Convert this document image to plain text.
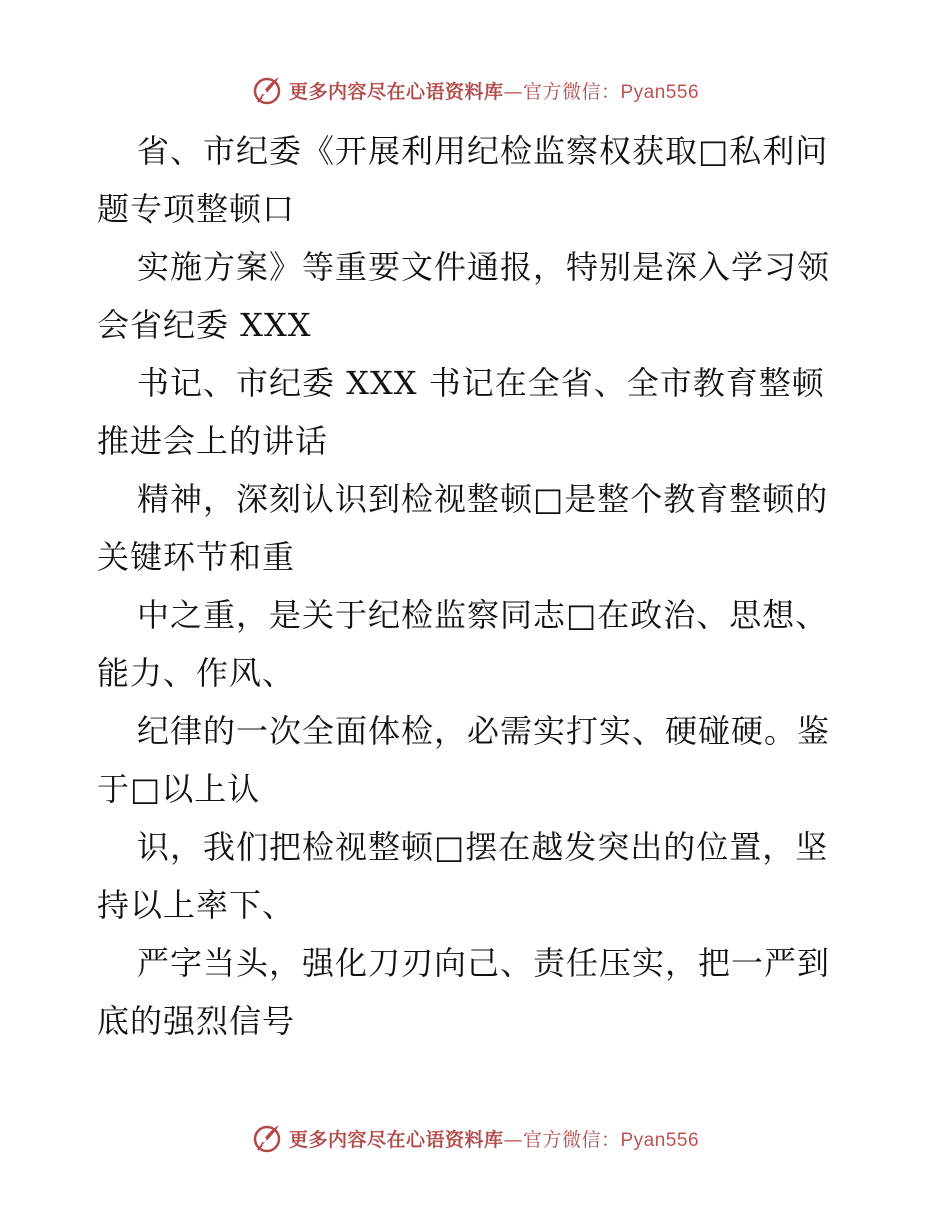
更多内容尽在心语资料库—官方微信：Pyan556
省、市纪委《开展利用纪检监察权获取□私利问
题专项整顿口
实施方案》等重要文件通报，特别是深入学习领
会省纪委 XXX
书记、市纪委 XXX 书记在全省、全市教育整顿
推进会上的讲话
精神，深刻认识到检视整顿□是整个教育整顿的
关键环节和重
中之重，是关于纪检监察同志□在政治、思想、
能力、作风、
纪律的一次全面体检，必需实打实、硬碰硬。鉴
于□以上认
识，我们把检视整顿□摆在越发突出的位置，坚
持以上率下、
严字当头，强化刀刃向己、责任压实，把一严到
底的强烈信号
更多内容尽在心语资料库—官方微信：Pyan556
